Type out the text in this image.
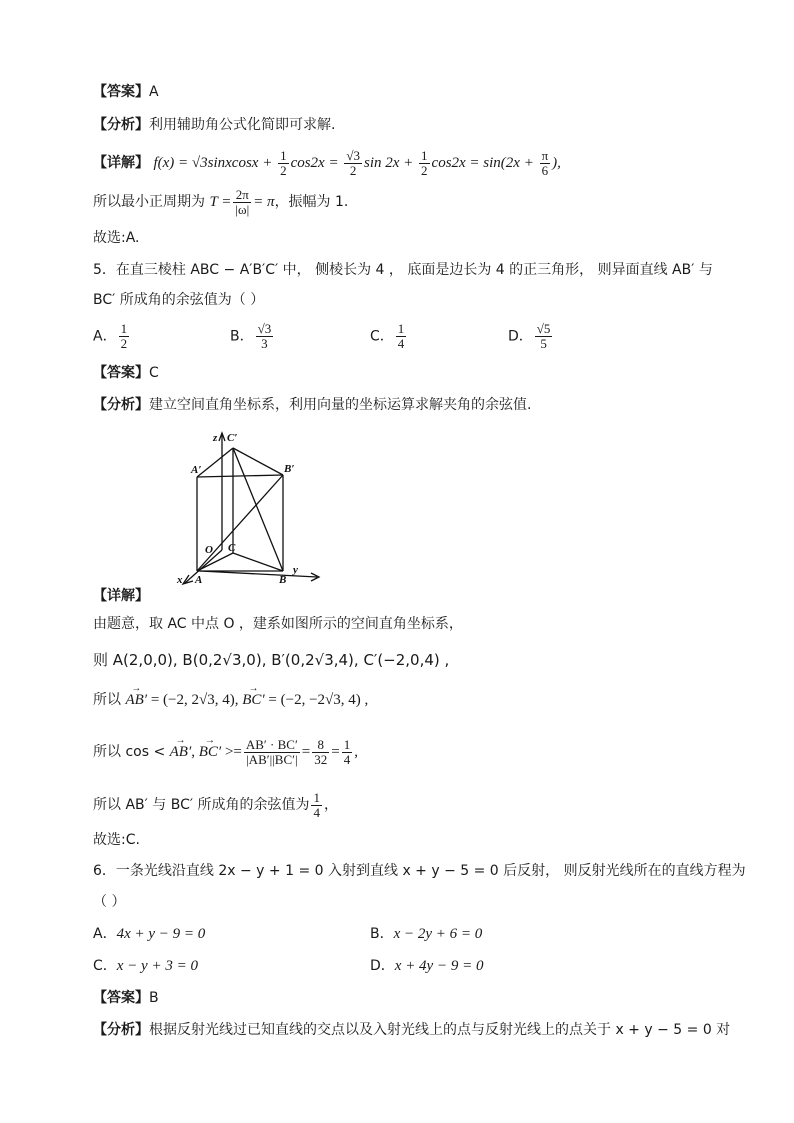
【答案】A
【分析】利用辅助角公式化简即可求解.
【详解】 f(x) = √3sinxcosx + $\frac{1}{2} \cos 2x = \frac{√3}{2}$ $\sin 2x + \frac{1}{2} \cos 2x = \sin(2x + \frac{\pi}{6}$ ),
所以最小正周期为 $T = \frac{2\pi}{|\omega|} = \pi$，振幅为 1.
故选:A.
5．在直三棱柱 ABC − A′B′C′ 中， 侧棱长为 4 ， 底面是边长为 4 的正三角形， 则异面直线 AB′ 与
BC′ 所成角的余弦值为（ ）
A． $\frac{1}{2}$	B． $\frac{√3}{3}$	C． $\frac{1}{4}$	D． $\frac{√5}{5}$
【答案】C
【分析】建立空间直角坐标系，利用向量的坐标运算求解夹角的余弦值.
z C′
A′	B′
O C
x A	B
y
【详解】
由题意，取 AC 中点 O ，建系如图所示的空间直角坐标系，
则 A(2,0,0), B(0,2√3,0), B′(0,2√3,4), C′(−2,0,4) ,
所以 → AB′ = (−2, 2√3, 4), → BC′ = (−2, −2√3, 4) ,
所以 cos < → AB′, → $BC' >= \frac{AB' \cdot BC'}{|AB'||BC'|} = \frac{8}{32} = \frac{1}{4}$ ,
所以 AB′ 与 BC′ 所成角的余弦值为 $\frac{1}{4}$ ，
故选:C.
6．一条光线沿直线 2x − y + 1 = 0 入射到直线 x + y − 5 = 0 后反射， 则反射光线所在的直线方程为
（ ）
A．4x + y − 9 = 0	B．x − 2y + 6 = 0
C．x − y + 3 = 0	D．x + 4y − 9 = 0
【答案】B
【分析】根据反射光线过已知直线的交点以及入射光线上的点与反射光线上的点关于 x + y − 5 = 0 对
